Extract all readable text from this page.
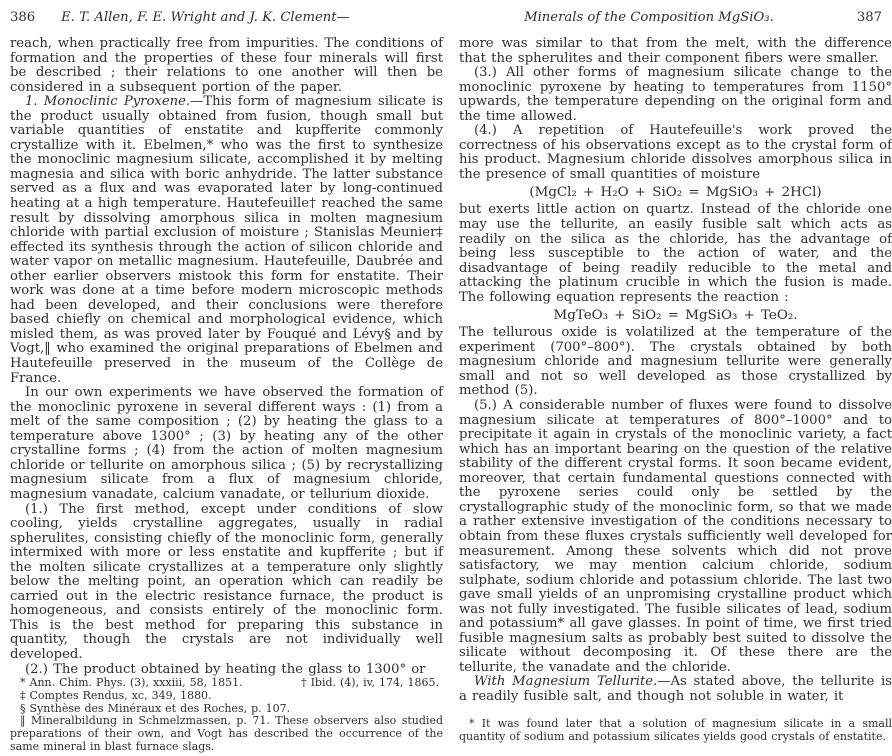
386 E. T. Allen, F. E. Wright and J. K. Clement—

reach, when practically free from impurities. The conditions of formation and the properties of these four minerals will first be described ; their relations to one another will then be considered in a subsequent portion of the paper.

1. Monoclinic Pyroxene.—This form of magnesium silicate is the product usually obtained from fusion, though small but variable quantities of enstatite and kupfferite commonly crystallize with it. Ebelmen,* who was the first to synthesize the monoclinic magnesium silicate, accomplished it by melting magnesia and silica with boric anhydride. The latter substance served as a flux and was evaporated later by long-continued heating at a high temperature. Hautefeuille† reached the same result by dissolving amorphous silica in molten magnesium chloride with partial exclusion of moisture ; Stanislas Meunier‡ effected its synthesis through the action of silicon chloride and water vapor on metallic magnesium. Hautefeuille, Daubrée and other earlier observers mistook this form for enstatite. Their work was done at a time before modern microscopic methods had been developed, and their conclusions were therefore based chiefly on chemical and morphological evidence, which misled them, as was proved later by Fouqué and Lévy§ and by Vogt,‖ who examined the original preparations of Ebelmen and Hautefeuille preserved in the museum of the Collège de France.

In our own experiments we have observed the formation of the monoclinic pyroxene in several different ways : (1) from a melt of the same composition ; (2) by heating the glass to a temperature above 1300° ; (3) by heating any of the other crystalline forms ; (4) from the action of molten magnesium chloride or tellurite on amorphous silica ; (5) by recrystallizing magnesium silicate from a flux of magnesium chloride, magnesium vanadate, calcium vanadate, or tellurium dioxide.

(1.) The first method, except under conditions of slow cooling, yields crystalline aggregates, usually in radial spherulites, consisting chiefly of the monoclinic form, generally intermixed with more or less enstatite and kupfferite ; but if the molten silicate crystallizes at a temperature only slightly below the melting point, an operation which can readily be carried out in the electric resistance furnace, the product is homogeneous, and consists entirely of the monoclinic form. This is the best method for preparing this substance in quantity, though the crystals are not individually well developed.

(2.) The product obtained by heating the glass to 1300° or

* Ann. Chim. Phys. (3), xxxiii, 58, 1851.	† Ibid. (4), iv, 174, 1865.

‡ Comptes Rendus, xc, 349, 1880.

§ Synthèse des Minéraux et des Roches, p. 107.

‖ Mineralbildung in Schmelzmassen, p. 71. These observers also studied preparations of their own, and Vogt has described the occurrence of the same mineral in blast furnace slags.

Minerals of the Composition MgSiO₃.	387

more was similar to that from the melt, with the difference that the spherulites and their component fibers were smaller.

(3.) All other forms of magnesium silicate change to the monoclinic pyroxene by heating to temperatures from 1150° upwards, the temperature depending on the original form and the time allowed.

(4.) A repetition of Hautefeuille's work proved the correctness of his observations except as to the crystal form of his product. Magnesium chloride dissolves amorphous silica in the presence of small quantities of moisture

(MgCl₂ + H₂O + SiO₂ = MgSiO₃ + 2HCl)

but exerts little action on quartz. Instead of the chloride one may use the tellurite, an easily fusible salt which acts as readily on the silica as the chloride, has the advantage of being less susceptible to the action of water, and the disadvantage of being readily reducible to the metal and attacking the platinum crucible in which the fusion is made. The following equation represents the reaction :

MgTeO₃ + SiO₂ = MgSiO₃ + TeO₂.

The tellurous oxide is volatilized at the temperature of the experiment (700°–800°). The crystals obtained by both magnesium chloride and magnesium tellurite were generally small and not so well developed as those crystallized by method (5).

(5.) A considerable number of fluxes were found to dissolve magnesium silicate at temperatures of 800°–1000° and to precipitate it again in crystals of the monoclinic variety, a fact which has an important bearing on the question of the relative stability of the different crystal forms. It soon became evident, moreover, that certain fundamental questions connected with the pyroxene series could only be settled by the crystallographic study of the monoclinic form, so that we made a rather extensive investigation of the conditions necessary to obtain from these fluxes crystals sufficiently well developed for measurement. Among these solvents which did not prove satisfactory, we may mention calcium chloride, sodium sulphate, sodium chloride and potassium chloride. The last two gave small yields of an unpromising crystalline product which was not fully investigated. The fusible silicates of lead, sodium and potassium* all gave glasses. In point of time, we first tried fusible magnesium salts as probably best suited to dissolve the silicate without decomposing it. Of these there are the tellurite, the vanadate and the chloride.

With Magnesium Tellurite.—As stated above, the tellurite is a readily fusible salt, and though not soluble in water, it

* It was found later that a solution of magnesium silicate in a small quantity of sodium and potassium silicates yields good crystals of enstatite.
